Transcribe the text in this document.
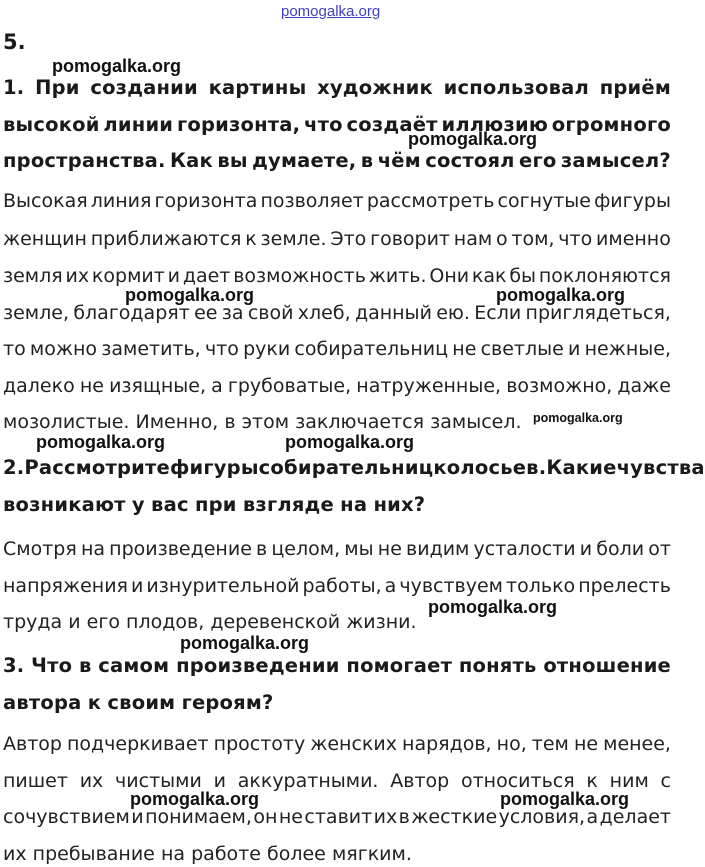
pomogalka.org
5.
1. При создании картины художник использовал приём
высокой линии горизонта, что создаёт иллюзию огромного
пространства. Как вы думаете, в чём состоял его замысел?
Высокая линия горизонта позволяет рассмотреть согнутые фигуры
женщин приближаются к земле. Это говорит нам о том, что именно
земля их кормит и дает возможность жить. Они как бы поклоняются
земле, благодарят ее за свой хлеб, данный ею. Если приглядеться,
то можно заметить, что руки собирательниц не светлые и нежные,
далеко не изящные, а грубоватые, натруженные, возможно, даже
мозолистые. Именно, в этом заключается замысел.
2. Рассмотрите фигуры собирательниц колосьев. Какие чувства
возникают у вас при взгляде на них?
Смотря на произведение в целом, мы не видим усталости и боли от
напряжения и изнурительной работы, а чувствуем только прелесть
труда и его плодов, деревенской жизни.
3. Что в самом произведении помогает понять отношение
автора к своим героям?
Автор подчеркивает простоту женских нарядов, но, тем не менее,
пишет их чистыми и аккуратными. Автор относиться к ним с
сочувствием и понимаем, он не ставит их в жесткие условия, а делает
их пребывание на работе более мягким.
pomogalka.org
pomogalka.org
pomogalka.org	pomogalka.org
pomogalka.org
pomogalka.org	pomogalka.org
pomogalka.org
pomogalka.org
pomogalka.org	pomogalka.org
